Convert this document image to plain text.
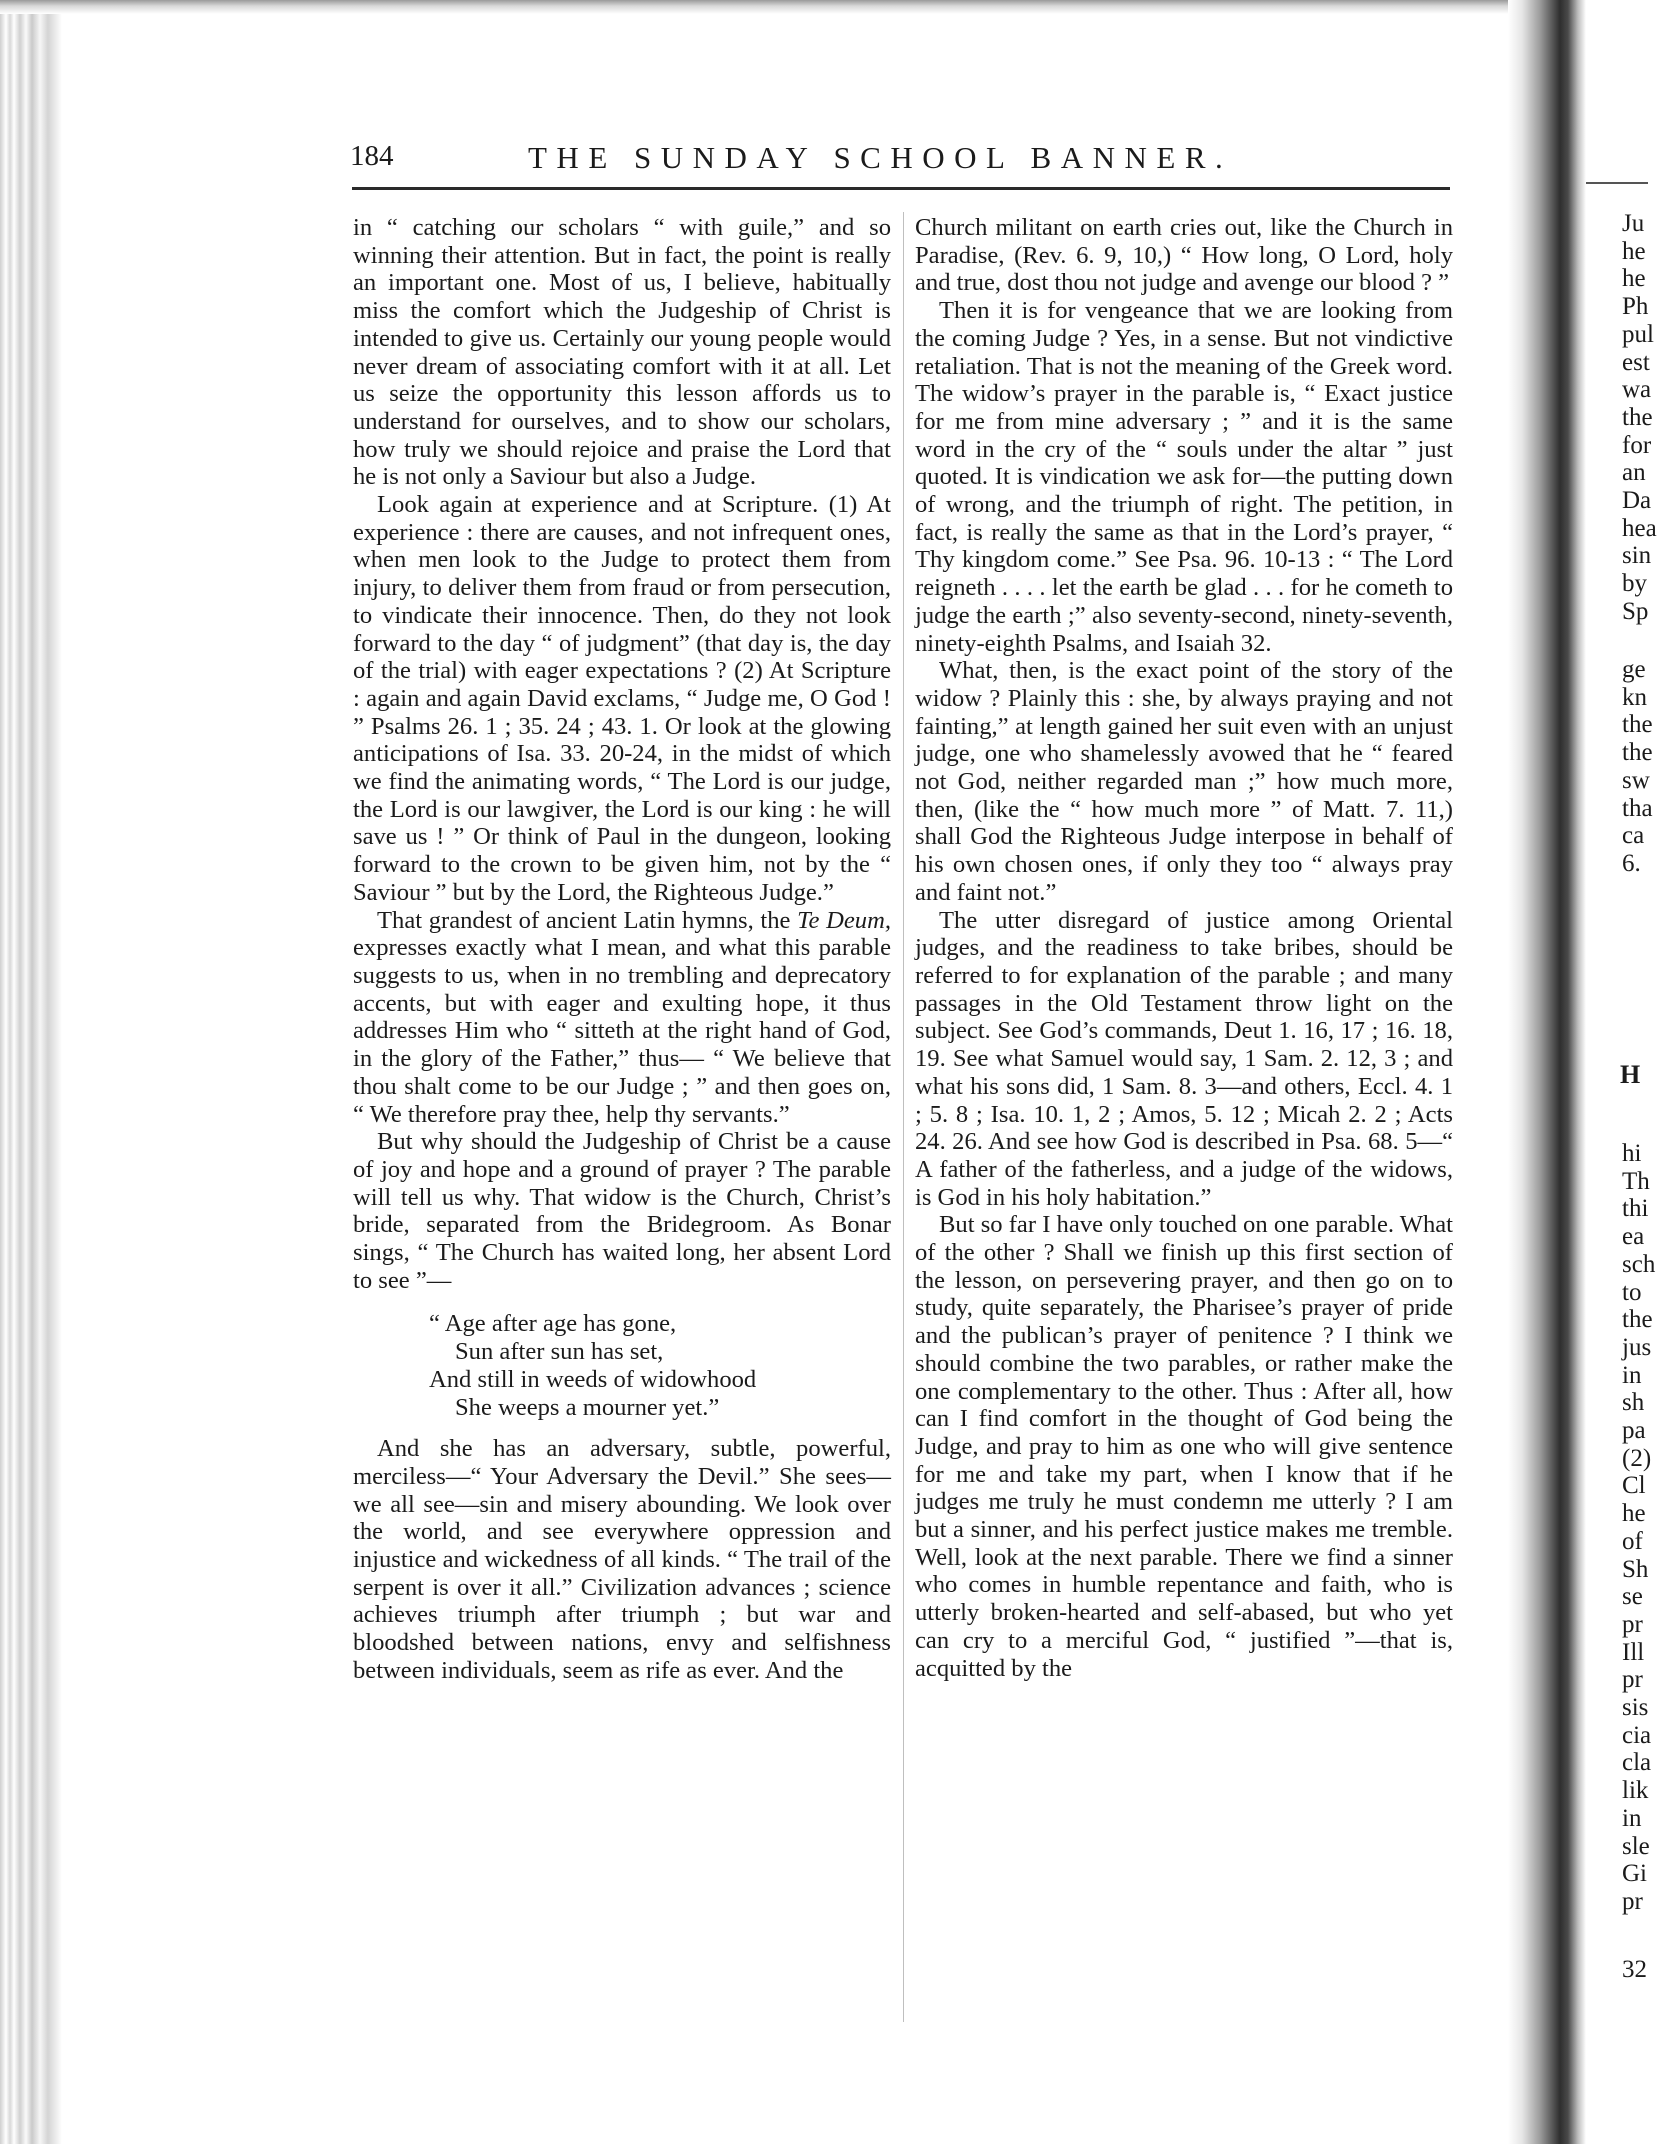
184	THE SUNDAY SCHOOL BANNER.

in “ catching our scholars “ with guile,” and so winning their attention. But in fact, the point is really an important one. Most of us, I believe, habitually miss the comfort which the Judgeship of Christ is intended to give us. Certainly our young people would never dream of associating comfort with it at all. Let us seize the opportunity this lesson affords us to understand for ourselves, and to show our scholars, how truly we should rejoice and praise the Lord that he is not only a Saviour but also a Judge.

Look again at experience and at Scripture. (1) At experience : there are causes, and not infrequent ones, when men look to the Judge to protect them from injury, to deliver them from fraud or from persecution, to vindicate their innocence. Then, do they not look forward to the day “ of judgment” (that day is, the day of the trial) with eager expectations ? (2) At Scripture : again and again David exclams, “ Judge me, O God ! ” Psalms 26. 1 ; 35. 24 ; 43. 1. Or look at the glowing anticipations of Isa. 33. 20-24, in the midst of which we find the animating words, “ The Lord is our judge, the Lord is our lawgiver, the Lord is our king : he will save us ! ” Or think of Paul in the dungeon, looking forward to the crown to be given him, not by the “ Saviour ” but by the Lord, the Righteous Judge.”

That grandest of ancient Latin hymns, the Te Deum, expresses exactly what I mean, and what this parable suggests to us, when in no trembling and deprecatory accents, but with eager and exulting hope, it thus addresses Him who “ sitteth at the right hand of God, in the glory of the Father,” thus— “ We believe that thou shalt come to be our Judge ; ” and then goes on, “ We therefore pray thee, help thy servants.”

But why should the Judgeship of Christ be a cause of joy and hope and a ground of prayer ? The parable will tell us why. That widow is the Church, Christ’s bride, separated from the Bridegroom. As Bonar sings, “ The Church has waited long, her absent Lord to see ”—

“ Age after age has gone,
Sun after sun has set,
And still in weeds of widowhood
She weeps a mourner yet.”

And she has an adversary, subtle, powerful, merciless—“ Your Adversary the Devil.” She sees—we all see—sin and misery abounding. We look over the world, and see everywhere oppression and injustice and wickedness of all kinds. “ The trail of the serpent is over it all.” Civilization advances ; science achieves triumph after triumph ; but war and bloodshed between nations, envy and selfishness between individuals, seem as rife as ever. And the

Church militant on earth cries out, like the Church in Paradise, (Rev. 6. 9, 10,) “ How long, O Lord, holy and true, dost thou not judge and avenge our blood ? ”

Then it is for vengeance that we are looking from the coming Judge ? Yes, in a sense. But not vindictive retaliation. That is not the meaning of the Greek word. The widow’s prayer in the parable is, “ Exact justice for me from mine adversary ; ” and it is the same word in the cry of the “ souls under the altar ” just quoted. It is vindication we ask for—the putting down of wrong, and the triumph of right. The petition, in fact, is really the same as that in the Lord’s prayer, “ Thy kingdom come.” See Psa. 96. 10-13 : “ The Lord reigneth . . . . let the earth be glad . . . for he cometh to judge the earth ;” also seventy-second, ninety-seventh, ninety-eighth Psalms, and Isaiah 32.

What, then, is the exact point of the story of the widow ? Plainly this : she, by always praying and not fainting,” at length gained her suit even with an unjust judge, one who shamelessly avowed that he “ feared not God, neither regarded man ;” how much more, then, (like the “ how much more ” of Matt. 7. 11,) shall God the Righteous Judge interpose in behalf of his own chosen ones, if only they too “ always pray and faint not.”

The utter disregard of justice among Oriental judges, and the readiness to take bribes, should be referred to for explanation of the parable ; and many passages in the Old Testament throw light on the subject. See God’s commands, Deut 1. 16, 17 ; 16. 18, 19. See what Samuel would say, 1 Sam. 2. 12, 3 ; and what his sons did, 1 Sam. 8. 3—and others, Eccl. 4. 1 ; 5. 8 ; Isa. 10. 1, 2 ; Amos, 5. 12 ; Micah 2. 2 ; Acts 24. 26. And see how God is described in Psa. 68. 5—“ A father of the fatherless, and a judge of the widows, is God in his holy habitation.”

But so far I have only touched on one parable. What of the other ? Shall we finish up this first section of the lesson, on persevering prayer, and then go on to study, quite separately, the Pharisee’s prayer of pride and the publican’s prayer of penitence ? I think we should combine the two parables, or rather make the one complementary to the other. Thus : After all, how can I find comfort in the thought of God being the Judge, and pray to him as one who will give sentence for me and take my part, when I know that if he judges me truly he must condemn me utterly ? I am but a sinner, and his perfect justice makes me tremble. Well, look at the next parable. There we find a sinner who comes in humble repentance and faith, who is utterly broken-hearted and self-abased, but who yet can cry to a merciful God, “ justified ”—that is, acquitted by the

Ju
he
he
Ph
pul
est
wa
the
for
an
Da
hea
sin
by
Sp
ge
kn
the
the
sw
tha
ca
6.
H
hi
Th
thi
ea
sch
to
the
jus
in
sh
pa
(2)
Cl
he
of
Sh
se
pr
Ill
pr
sis
cia
cla
lik
in
sle
Gi
pr
32
